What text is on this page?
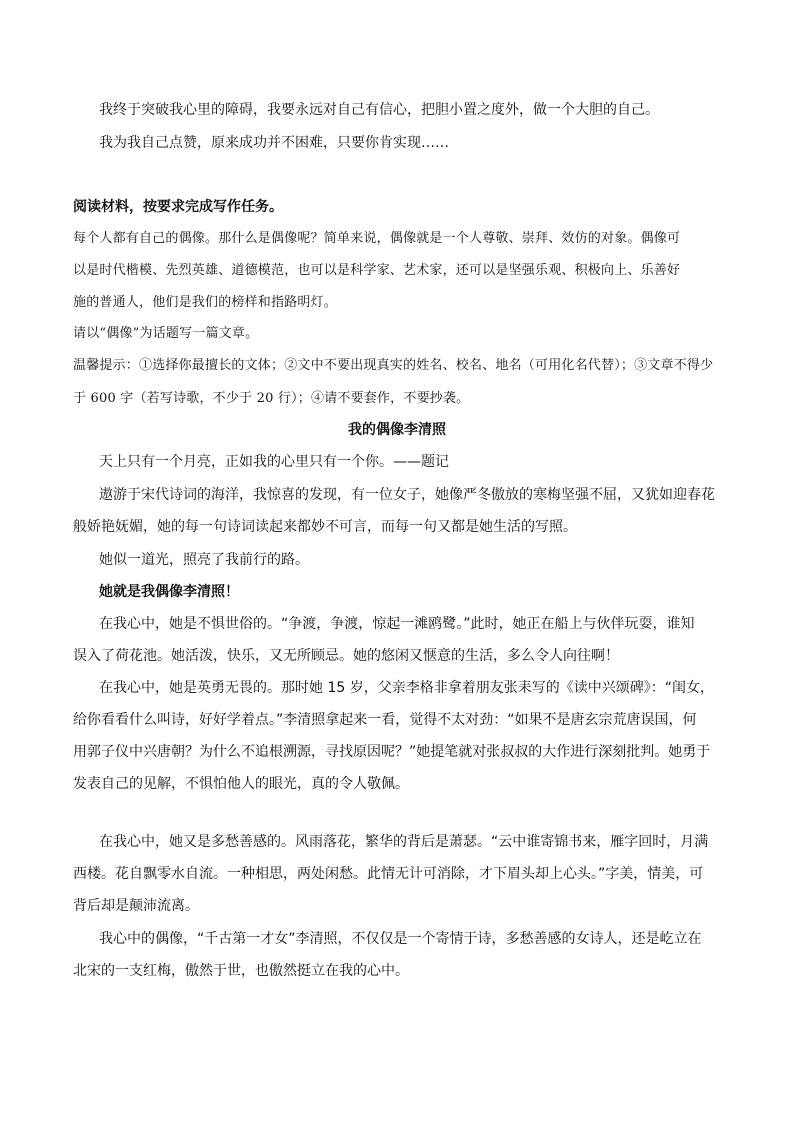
我终于突破我心里的障碍，我要永远对自己有信心，把胆小置之度外，做一个大胆的自己。
我为我自己点赞，原来成功并不困难，只要你肯实现……
阅读材料，按要求完成写作任务。
每个人都有自己的偶像。那什么是偶像呢？简单来说，偶像就是一个人尊敬、崇拜、效仿的对象。偶像可
以是时代楷模、先烈英雄、道德模范，也可以是科学家、艺术家，还可以是坚强乐观、积极向上、乐善好
施的普通人，他们是我们的榜样和指路明灯。
请以“偶像”为话题写一篇文章。
温馨提示：①选择你最擅长的文体；②文中不要出现真实的姓名、校名、地名（可用化名代替）；③文章不得少
于 600 字（若写诗歌，不少于 20 行）；④请不要套作，不要抄袭。
我的偶像李清照
天上只有一个月亮，正如我的心里只有一个你。——题记
遨游于宋代诗词的海洋，我惊喜的发现，有一位女子，她像严冬傲放的寒梅坚强不屈，又犹如迎春花
般娇艳妩媚，她的每一句诗词读起来都妙不可言，而每一句又都是她生活的写照。
她似一道光，照亮了我前行的路。
她就是我偶像李清照！
在我心中，她是不惧世俗的。“争渡，争渡，惊起一滩鸥鹭。”此时，她正在船上与伙伴玩耍，谁知
误入了荷花池。她活泼，快乐，又无所顾忌。她的悠闲又惬意的生活，多么令人向往啊！
在我心中，她是英勇无畏的。那时她 15 岁，父亲李格非拿着朋友张耒写的《读中兴颂碑》：“闺女，
给你看看什么叫诗，好好学着点。”李清照拿起来一看，觉得不太对劲：“如果不是唐玄宗荒唐误国，何
用郭子仪中兴唐朝？为什么不追根溯源，寻找原因呢？”她提笔就对张叔叔的大作进行深刻批判。她勇于
发表自己的见解，不惧怕他人的眼光，真的令人敬佩。
在我心中，她又是多愁善感的。风雨落花，繁华的背后是萧瑟。“云中谁寄锦书来，雁字回时，月满
西楼。花自飘零水自流。一种相思，两处闲愁。此情无计可消除，才下眉头却上心头。”字美，情美，可
背后却是颠沛流离。
我心中的偶像，“千古第一才女”李清照，不仅仅是一个寄情于诗，多愁善感的女诗人，还是屹立在
北宋的一支红梅，傲然于世，也傲然挺立在我的心中。
